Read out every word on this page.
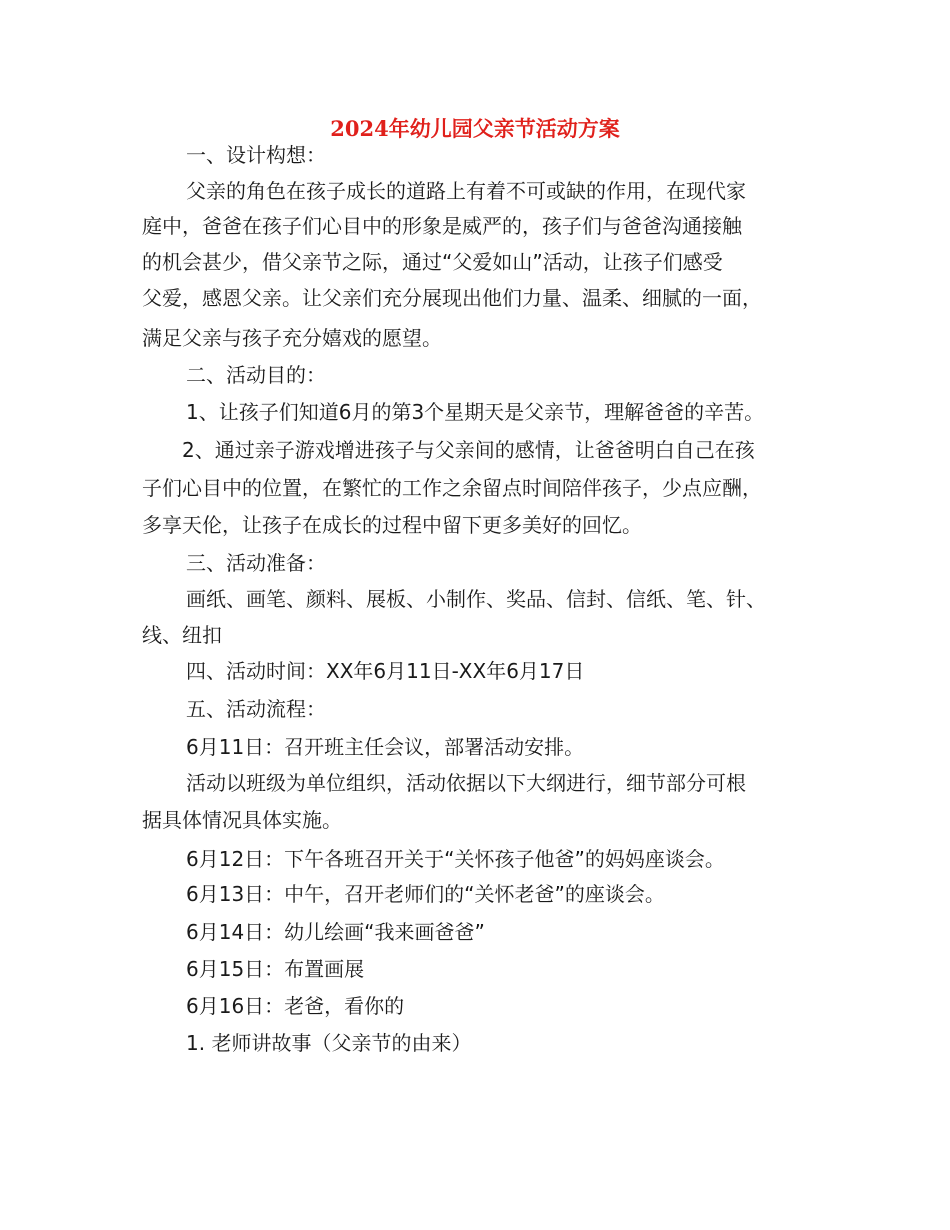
2024年幼儿园父亲节活动方案
一、设计构想：
父亲的角色在孩子成长的道路上有着不可或缺的作用，在现代家
庭中，爸爸在孩子们心目中的形象是威严的，孩子们与爸爸沟通接触
的机会甚少，借父亲节之际，通过“父爱如山”活动，让孩子们感受
父爱，感恩父亲。让父亲们充分展现出他们力量、温柔、细腻的一面，
满足父亲与孩子充分嬉戏的愿望。
二、活动目的：
1、让孩子们知道6月的第3个星期天是父亲节，理解爸爸的辛苦。
2、通过亲子游戏增进孩子与父亲间的感情，让爸爸明白自己在孩
子们心目中的位置，在繁忙的工作之余留点时间陪伴孩子，少点应酬，
多享天伦，让孩子在成长的过程中留下更多美好的回忆。
三、活动准备：
画纸、画笔、颜料、展板、小制作、奖品、信封、信纸、笔、针、
线、纽扣
四、活动时间：XX年6月11日-XX年6月17日
五、活动流程：
6月11日：召开班主任会议，部署活动安排。
活动以班级为单位组织，活动依据以下大纲进行，细节部分可根
据具体情况具体实施。
6月12日：下午各班召开关于“关怀孩子他爸”的妈妈座谈会。
6月13日：中午，召开老师们的“关怀老爸”的座谈会。
6月14日：幼儿绘画“我来画爸爸”
6月15日：布置画展
6月16日：老爸，看你的
1. 老师讲故事（父亲节的由来）
